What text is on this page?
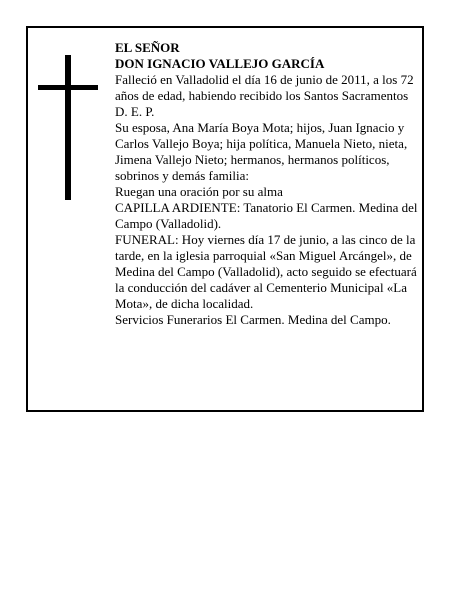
EL SEÑOR

DON IGNACIO VALLEJO GARCÍA

Falleció en Valladolid el día 16 de junio de 2011, a los 72 años de edad, habiendo recibido los Santos Sacramentos

D. E. P.

Su esposa, Ana María Boya Mota; hijos, Juan Ignacio y Carlos Vallejo Boya; hija política, Manuela Nieto, nieta, Jimena Vallejo Nieto; hermanos, hermanos políticos, sobrinos y demás familia:

Ruegan una oración por su alma

CAPILLA ARDIENTE: Tanatorio El Carmen. Medina del Campo (Valladolid).

FUNERAL: Hoy viernes día 17 de junio, a las cinco de la tarde, en la iglesia parroquial «San Miguel Arcángel», de Medina del Campo (Valladolid), acto seguido se efectuará la conducción del cadáver al Cementerio Municipal «La Mota», de dicha localidad.

Servicios Funerarios El Carmen. Medina del Campo.
